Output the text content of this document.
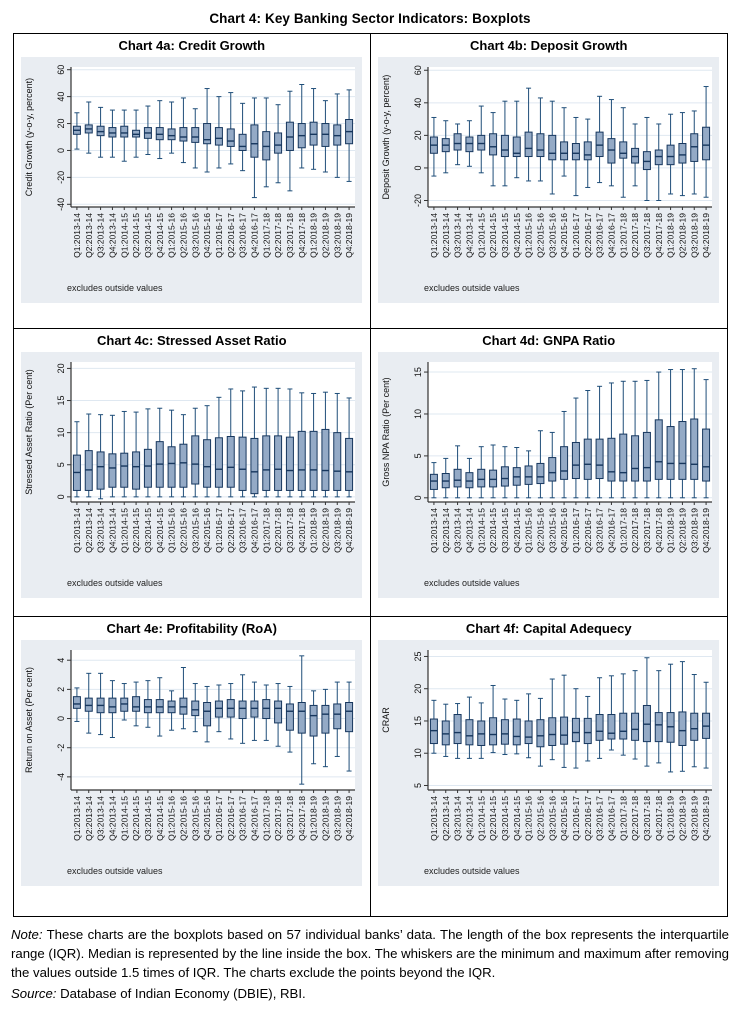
Chart 4: Key Banking Sector Indicators: Boxplots
Chart 4a: Credit Growth
-40
-20
0
20
40
60
Q1:2013-14 Q2:2013-14 Q3:2013-14 Q4:2013-14 Q1:2014-15 Q2:2014-15 Q3:2014-15 Q4:2014-15 Q1:2015-16 Q2:2015-16 Q3:2015-16 Q4:2015-16 Q1:2016-17 Q2:2016-17 Q3:2016-17 Q4:2016-17 Q1:2017-18 Q2:2017-18 Q3:2017-18 Q4:2017-18 Q1:2018-19 Q2:2018-19 Q3:2018-19 Q4:2018-19
Credit Growth (y-o-y, percent)
excludes outside values
Chart 4b: Deposit Growth
-20
0
20
40
60
Q1:2013-14 Q2:2013-14 Q3:2013-14 Q4:2013-14 Q1:2014-15 Q2:2014-15 Q3:2014-15 Q4:2014-15 Q1:2015-16 Q2:2015-16 Q3:2015-16 Q4:2015-16 Q1:2016-17 Q2:2016-17 Q3:2016-17 Q4:2016-17 Q1:2017-18 Q2:2017-18 Q3:2017-18 Q4:2017-18 Q1:2018-19 Q2:2018-19 Q3:2018-19 Q4:2018-19
Deposit Growth (y-o-y, percent)
excludes outside values
Chart 4c: Stressed Asset Ratio
0
5
10
15
20
Q1:2013-14 Q2:2013-14 Q3:2013-14 Q4:2013-14 Q1:2014-15 Q2:2014-15 Q3:2014-15 Q4:2014-15 Q1:2015-16 Q2:2015-16 Q3:2015-16 Q4:2015-16 Q1:2016-17 Q2:2016-17 Q3:2016-17 Q4:2016-17 Q1:2017-18 Q2:2017-18 Q3:2017-18 Q4:2017-18 Q1:2018-19 Q2:2018-19 Q3:2018-19 Q4:2018-19
Stressed Asset Ratio (Per cent)
excludes outside values
Chart 4d: GNPA Ratio
0
5
10
15
Q1:2013-14 Q2:2013-14 Q3:2013-14 Q4:2013-14 Q1:2014-15 Q2:2014-15 Q3:2014-15 Q4:2014-15 Q1:2015-16 Q2:2015-16 Q3:2015-16 Q4:2015-16 Q1:2016-17 Q2:2016-17 Q3:2016-17 Q4:2016-17 Q1:2017-18 Q2:2017-18 Q3:2017-18 Q4:2017-18 Q1:2018-19 Q2:2018-19 Q3:2018-19 Q4:2018-19
Gross NPA Ratio (Per cent)
excludes outside values
Chart 4e: Profitability (RoA)
-4
-2
0
2
4
Q1:2013-14 Q2:2013-14 Q3:2013-14 Q4:2013-14 Q1:2014-15 Q2:2014-15 Q3:2014-15 Q4:2014-15 Q1:2015-16 Q2:2015-16 Q3:2015-16 Q4:2015-16 Q1:2016-17 Q2:2016-17 Q3:2016-17 Q4:2016-17 Q1:2017-18 Q2:2017-18 Q3:2017-18 Q4:2017-18 Q1:2018-19 Q2:2018-19 Q3:2018-19 Q4:2018-19
Return on Asset (Per cent)
excludes outside values
Chart 4f: Capital Adequecy
5
10
15
20
25
Q1:2013-14 Q2:2013-14 Q3:2013-14 Q4:2013-14 Q1:2014-15 Q2:2014-15 Q3:2014-15 Q4:2014-15 Q1:2015-16 Q2:2015-16 Q3:2015-16 Q4:2015-16 Q1:2016-17 Q2:2016-17 Q3:2016-17 Q4:2016-17 Q1:2017-18 Q2:2017-18 Q3:2017-18 Q4:2017-18 Q1:2018-19 Q2:2018-19 Q3:2018-19 Q4:2018-19
CRAR
excludes outside values
Note: These charts are the boxplots based on 57 individual banks’ data. The length of the box represents the interquartile range (IQR). Median is represented by the line inside the box. The whiskers are the minimum and maximum after removing the values outside 1.5 times of IQR. The charts exclude the points beyond the IQR.
Source: Database of Indian Economy (DBIE), RBI.
